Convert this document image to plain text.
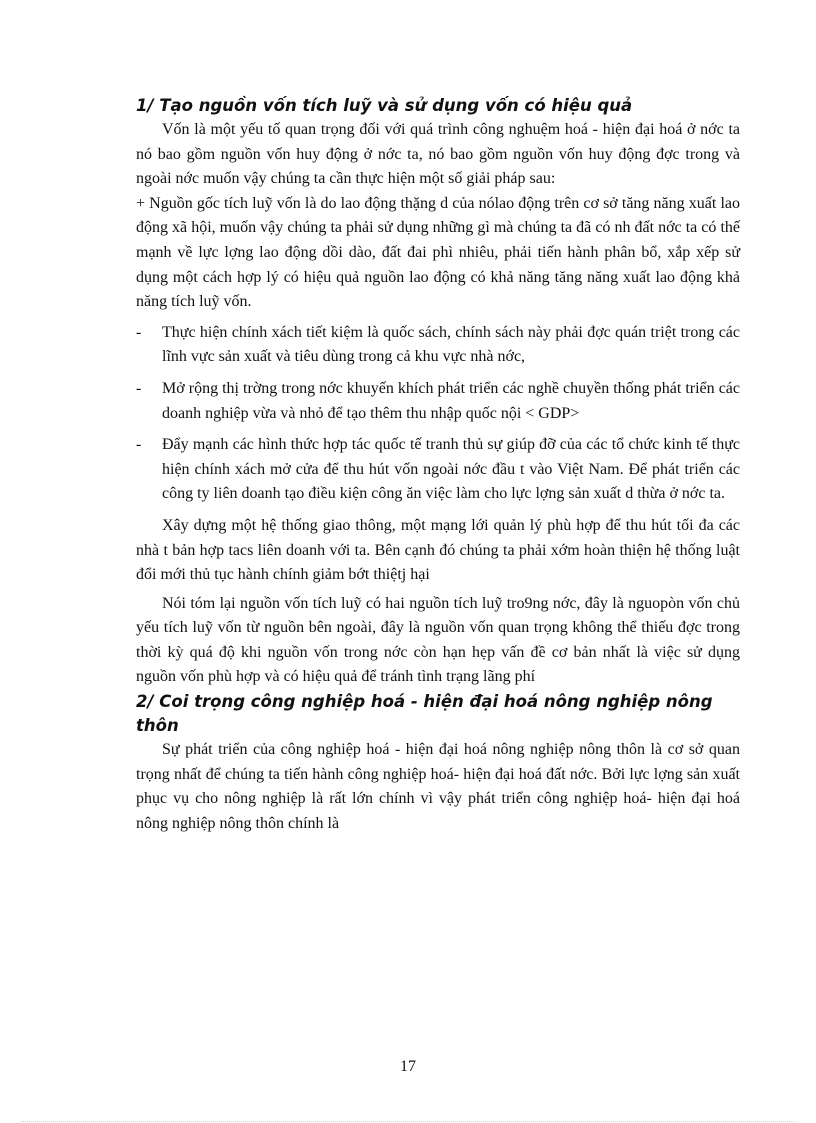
1/ Tạo nguồn vốn tích luỹ và sử dụng vốn có hiệu quả

Vốn là một yếu tố quan trọng đối với quá trình công nghuệm hoá - hiện đại hoá ở nớc ta nó bao gồm nguồn vốn huy động ở nớc ta, nó bao gồm nguồn vốn huy động đợc trong và ngoài nớc muốn vậy chúng ta cần thực hiện một số giải pháp sau:

+ Nguồn gốc tích luỹ vốn là do lao động thặng d của nólao động trên cơ sở tăng năng xuất lao động xã hội, muốn vậy chúng ta phải sử dụng những gì mà chúng ta đã có nh đất nớc ta có thế mạnh về lực lợng lao động dồi dào, đất đai phì nhiêu, phải tiến hành phân bổ, xắp xếp sử dụng một cách hợp lý có hiệu quả nguồn lao động có khả năng tăng năng xuất lao động khả năng tích luỹ vốn.

- Thực hiện chính xách tiết kiệm là quốc sách, chính sách này phải đợc quán triệt trong các lĩnh vực sản xuất và tiêu dùng trong cả khu vực nhà nớc,

- Mở rộng thị trờng trong nớc khuyến khích phát triển các nghề chuyền thống phát triển các doanh nghiệp vừa và nhỏ để tạo thêm thu nhập quốc nội < GDP>

- Đẩy mạnh các hình thức hợp tác quốc tế tranh thủ sự giúp đỡ của các tổ chức kinh tế thực hiện chính xách mở cửa để thu hút vốn ngoài nớc đầu t vào Việt Nam. Để phát triển các công ty liên doanh tạo điều kiện công ăn việc làm cho lực lợng sản xuất d thừa ở nớc ta.

Xây dựng một hệ thống giao thông, một mạng lới quản lý phù hợp để thu hút tối đa các nhà t bản hợp tacs liên doanh với ta. Bên cạnh đó chúng ta phải xớm hoàn thiện hệ thống luật đổi mới thủ tục hành chính giảm bớt thiệtj hại

Nói tóm lại nguồn vốn tích luỹ có hai nguồn tích luỹ tro9ng nớc, đây là nguopòn vốn chủ yếu tích luỹ vốn từ nguồn bên ngoài, đây là nguồn vốn quan trọng không thể thiếu đợc trong thời kỳ quá độ khi nguồn vốn trong nớc còn hạn hẹp vấn đề cơ bản nhất là việc sử dụng nguồn vốn phù hợp và có hiệu quả để tránh tình trạng lãng phí

2/ Coi trọng công nghiệp hoá - hiện đại hoá nông nghiệp nông thôn

Sự phát triển của công nghiệp hoá - hiện đại hoá nông nghiệp nông thôn là cơ sở quan trọng nhất để chúng ta tiến hành công nghiệp hoá- hiện đại hoá đất nớc. Bởi lực lợng sản xuất phục vụ cho nông nghiệp là rất lớn chính vì vậy phát triển công nghiệp hoá- hiện đại hoá nông nghiệp nông thôn chính là

17
